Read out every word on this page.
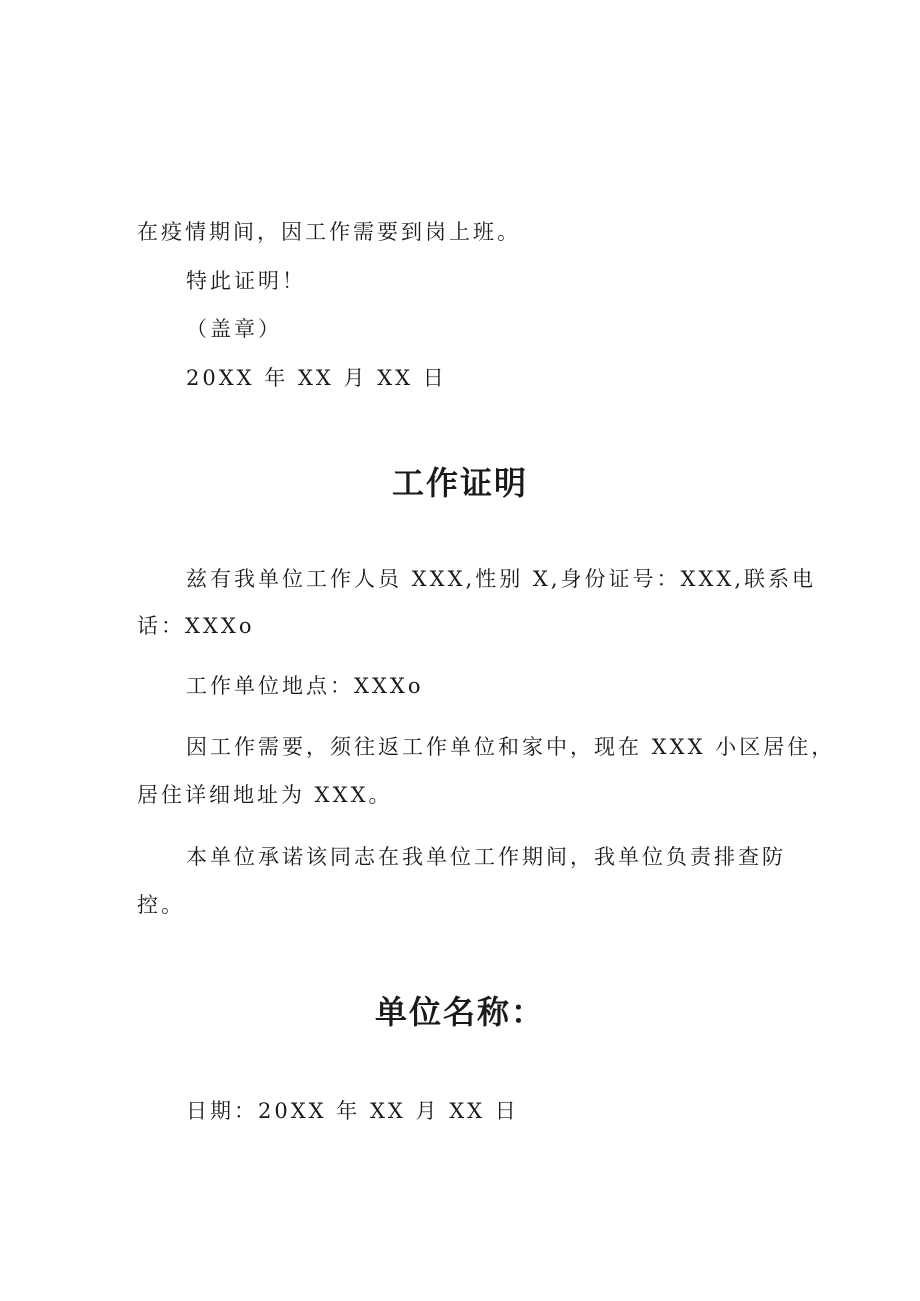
在疫情期间，因工作需要到岗上班。
特此证明！
（盖章）
20XX 年 XX 月 XX 日
工作证明
兹有我单位工作人员 XXX,性别 X,身份证号：XXX,联系电
话：XXXo
工作单位地点：XXXo
因工作需要，须往返工作单位和家中，现在 XXX 小区居住，
居住详细地址为 XXX。
本单位承诺该同志在我单位工作期间，我单位负责排查防
控。
单位名称：
日期：20XX 年 XX 月 XX 日
